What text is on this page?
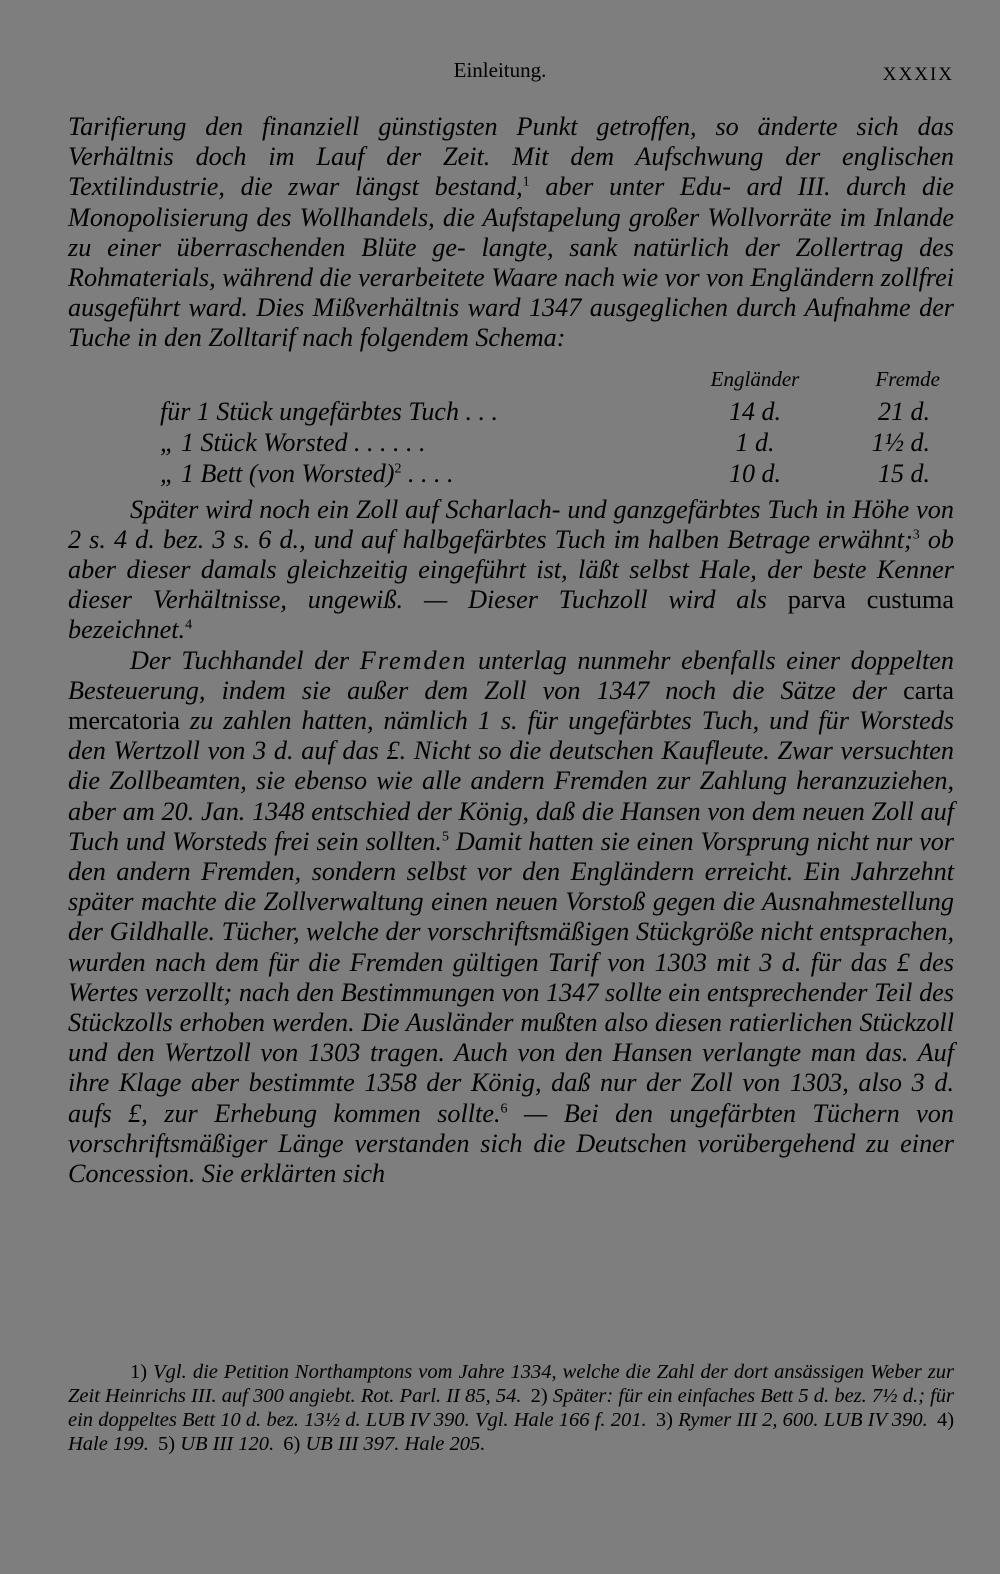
Einleitung.	XXXIX

Tarifierung den finanziell günstigsten Punkt getroffen, so änderte sich das Verhältnis doch im Lauf der Zeit. Mit dem Aufschwung der englischen Textilindustrie, die zwar längst bestand,$^1$ aber unter Edu- ard III. durch die Monopolisierung des Wollhandels, die Aufstapelung großer Wollvorräte im Inlande zu einer überraschenden Blüte ge- langte, sank natürlich der Zollertrag des Rohmaterials, während die verarbeitete Waare nach wie vor von Engländern zollfrei ausgeführt ward. Dies Mißverhältnis ward 1347 ausgeglichen durch Aufnahme der Tuche in den Zolltarif nach folgendem Schema:

Engländer	Fremde
für 1 Stück ungefärbtes Tuch . . .	14 d.	21 d.
„ 1 Stück Worsted . . . . . .	1 d.	1½ d.
„ 1 Bett (von Worsted)$^2$ . . . .	10 d.	15 d.

Später wird noch ein Zoll auf Scharlach- und ganzgefärbtes Tuch in Höhe von 2 s. 4 d. bez. 3 s. 6 d., und auf halbgefärbtes Tuch im halben Betrage erwähnt;$^3$ ob aber dieser damals gleichzeitig eingeführt ist, läßt selbst Hale, der beste Kenner dieser Verhältnisse, ungewiß. — Dieser Tuchzoll wird als parva custuma bezeichnet.$^4$

Der Tuchhandel der Fremden unterlag nunmehr ebenfalls einer doppelten Besteuerung, indem sie außer dem Zoll von 1347 noch die Sätze der carta mercatoria zu zahlen hatten, nämlich 1 s. für ungefärbtes Tuch, und für Worsteds den Wertzoll von 3 d. auf das £. Nicht so die deutschen Kaufleute. Zwar versuchten die Zollbeamten, sie ebenso wie alle andern Fremden zur Zahlung heranzuziehen, aber am 20. Jan. 1348 entschied der König, daß die Hansen von dem neuen Zoll auf Tuch und Worsteds frei sein sollten.$^5$ Damit hatten sie einen Vorsprung nicht nur vor den andern Fremden, sondern selbst vor den Engländern erreicht. Ein Jahrzehnt später machte die Zollverwaltung einen neuen Vorstoß gegen die Ausnahmestellung der Gildhalle. Tücher, welche der vorschriftsmäßigen Stückgröße nicht entsprachen, wurden nach dem für die Fremden gültigen Tarif von 1303 mit 3 d. für das £ des Wertes verzollt; nach den Bestimmungen von 1347 sollte ein entsprechender Teil des Stückzolls erhoben werden. Die Ausländer mußten also diesen ratierlichen Stückzoll und den Wertzoll von 1303 tragen. Auch von den Hansen verlangte man das. Auf ihre Klage aber bestimmte 1358 der König, daß nur der Zoll von 1303, also 3 d. aufs £, zur Erhebung kommen sollte.$^6$ — Bei den ungefärbten Tüchern von vorschriftsmäßiger Länge verstanden sich die Deutschen vorübergehend zu einer Concession. Sie erklärten sich

1) Vgl. die Petition Northamptons vom Jahre 1334, welche die Zahl der dort ansässigen Weber zur Zeit Heinrichs III. auf 300 angiebt. Rot. Parl. II 85, 54. 2) Später: für ein einfaches Bett 5 d. bez. 7½ d.; für ein doppeltes Bett 10 d. bez. 13½ d. LUB IV 390. Vgl. Hale 166 f. 201. 3) Rymer III 2, 600. LUB IV 390. 4) Hale 199. 5) UB III 120. 6) UB III 397. Hale 205.
